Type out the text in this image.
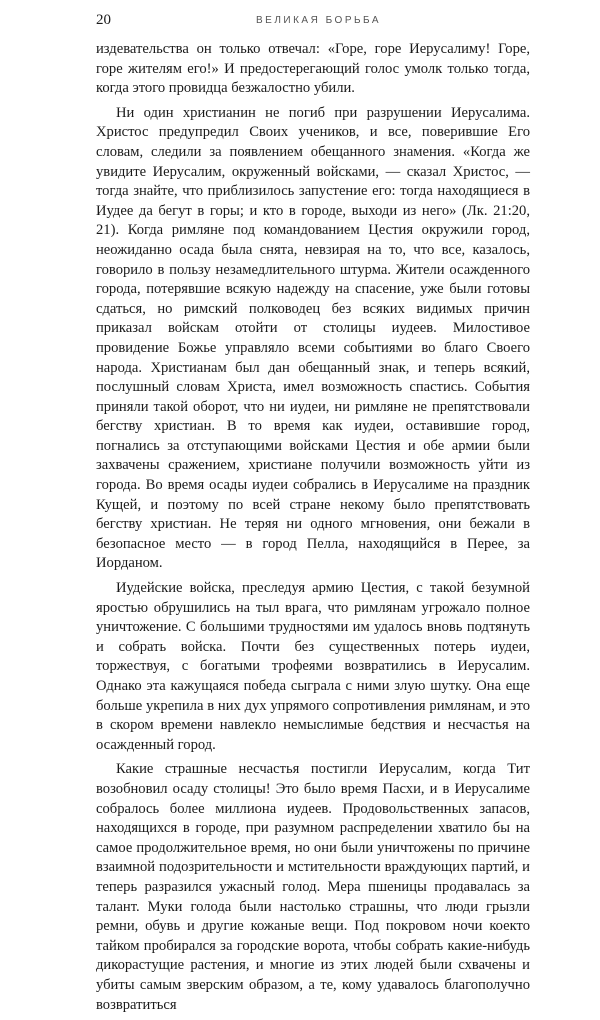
20	ВЕЛИКАЯ БОРЬБА

издевательства он только отвечал: «Горе, горе Иерусалиму! Горе, горе жителям его!» И предостерегающий голос умолк только тогда, когда этого провидца безжалостно убили.

Ни один христианин не погиб при разрушении Иерусалима. Христос предупредил Своих учеников, и все, поверившие Его словам, следили за появлением обещанного знамения. «Когда же увидите Иерусалим, окруженный войсками, — сказал Христос, — тогда знайте, что приблизилось запустение его: тогда находящиеся в Иудее да бегут в горы; и кто в городе, выходи из него» (Лк. 21:20, 21). Когда римляне под командованием Цестия окружили город, неожиданно осада была снята, невзирая на то, что все, казалось, говорило в пользу незамедлительного штурма. Жители осажденного города, потерявшие всякую надежду на спасение, уже были готовы сдаться, но римский полководец без всяких видимых причин приказал войскам отойти от столицы иудеев. Милостивое провидение Божье управляло всеми событиями во благо Своего народа. Христианам был дан обещанный знак, и теперь всякий, послушный словам Христа, имел возможность спастись. События приняли такой оборот, что ни иудеи, ни римляне не препятствовали бегству христиан. В то время как иудеи, оставившие город, погнались за отступающими войсками Цестия и обе армии были захвачены сражением, христиане получили возможность уйти из города. Во время осады иудеи собрались в Иерусалиме на праздник Кущей, и поэтому по всей стране некому было препятствовать бегству христиан. Не теряя ни одного мгновения, они бежали в безопасное место — в город Пелла, находящийся в Перее, за Иорданом.

Иудейские войска, преследуя армию Цестия, с такой безумной яростью обрушились на тыл врага, что римлянам угрожало полное уничтожение. С большими трудностями им удалось вновь подтянуть и собрать войска. Почти без существенных потерь иудеи, торжествуя, с богатыми трофеями возвратились в Иерусалим. Однако эта кажущаяся победа сыграла с ними злую шутку. Она еще больше укрепила в них дух упрямого сопротивления римлянам, и это в скором времени навлекло немыслимые бедствия и несчастья на осажденный город.

Какие страшные несчастья постигли Иерусалим, когда Тит возобновил осаду столицы! Это было время Пасхи, и в Иерусалиме собралось более миллиона иудеев. Продовольственных запасов, находящихся в городе, при разумном распределении хватило бы на самое продолжительное время, но они были уничтожены по причине взаимной подозрительности и мстительности враждующих партий, и теперь разразился ужасный голод. Мера пшеницы продавалась за талант. Муки голода были настолько страшны, что люди грызли ремни, обувь и другие кожаные вещи. Под покровом ночи коекто тайком пробирался за городские ворота, чтобы собрать какие-нибудь дикорастущие растения, и многие из этих людей были схвачены и убиты самым зверским образом, а те, кому удавалось благополучно возвратиться
